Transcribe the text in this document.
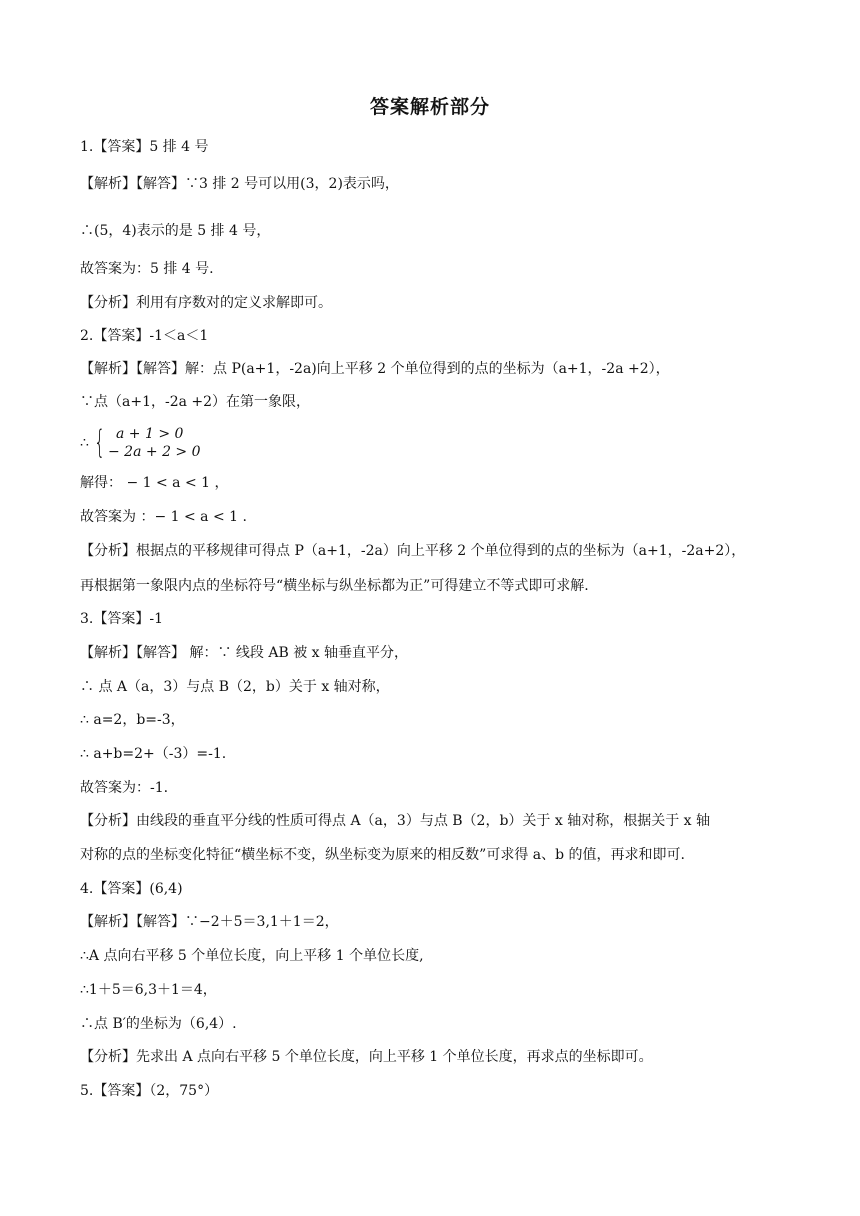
答案解析部分
1.【答案】5 排 4 号
【解析】【解答】∵3 排 2 号可以用(3，2)表示吗，
∴(5，4)表示的是 5 排 4 号，
故答案为：5 排 4 号.
【分析】利用有序数对的定义求解即可。
2.【答案】-1＜a＜1
【解析】【解答】解：点 P(a+1，-2a)向上平移 2 个单位得到的点的坐标为（a+1，-2a +2），
∵点（a+1，-2a +2）在第一象限，
∴ { a + 1 > 0
− 2a + 2 > 0
解得： − 1 < a < 1 ，
故答案为 ：− 1 < a < 1 .
【分析】根据点的平移规律可得点 P（a+1，-2a）向上平移 2 个单位得到的点的坐标为（a+1，-2a+2），
再根据第一象限内点的坐标符号“横坐标与纵坐标都为正”可得建立不等式即可求解.
3.【答案】-1
【解析】【解答】 解：∵ 线段 AB 被 x 轴垂直平分，
∴ 点 A（a，3）与点 B（2，b）关于 x 轴对称，
∴ a=2，b=-3，
∴ a+b=2+（-3）=-1.
故答案为：-1.
【分析】由线段的垂直平分线的性质可得点 A（a，3）与点 B（2，b）关于 x 轴对称，根据关于 x 轴
对称的点的坐标变化特征“横坐标不变，纵坐标变为原来的相反数”可求得 a、b 的值，再求和即可.
4.【答案】(6,4)
【解析】【解答】∵−2＋5＝3,1＋1＝2，
∴A 点向右平移 5 个单位长度，向上平移 1 个单位长度,
∴1＋5＝6,3＋1＝4，
∴点 B′的坐标为（6,4）.
【分析】先求出 A 点向右平移 5 个单位长度，向上平移 1 个单位长度，再求点的坐标即可。
5.【答案】（2，75°）
